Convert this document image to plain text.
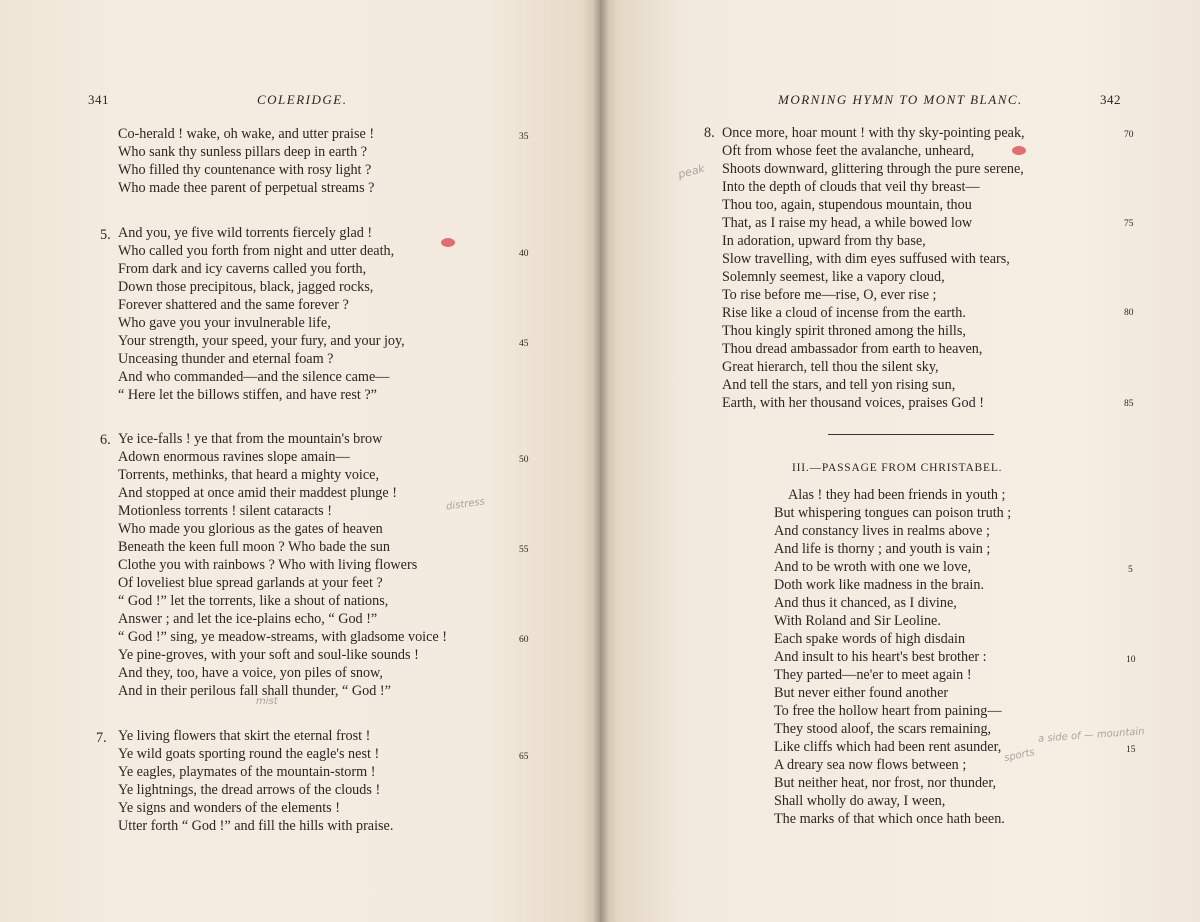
341	COLERIDGE.
Co-herald ! wake, oh wake, and utter praise !
Who sank thy sunless pillars deep in earth ?
Who filled thy countenance with rosy light ?
Who made thee parent of perpetual streams ?
5. And you, ye five wild torrents fiercely glad !
Who called you forth from night and utter death,
From dark and icy caverns called you forth,
Down those precipitous, black, jagged rocks,
Forever shattered and the same forever ?
Who gave you your invulnerable life,
Your strength, your speed, your fury, and your joy,
Unceasing thunder and eternal foam ?
And who commanded—and the silence came—
“ Here let the billows stiffen, and have rest ?”
6. Ye ice-falls ! ye that from the mountain's brow
Adown enormous ravines slope amain—
Torrents, methinks, that heard a mighty voice,
And stopped at once amid their maddest plunge !
Motionless torrents ! silent cataracts !
Who made you glorious as the gates of heaven
Beneath the keen full moon ? Who bade the sun
Clothe you with rainbows ? Who with living flowers
Of loveliest blue spread garlands at your feet ?
“ God !” let the torrents, like a shout of nations,
Answer ; and let the ice-plains echo, “ God !”
“ God !” sing, ye meadow-streams, with gladsome voice !
Ye pine-groves, with your soft and soul-like sounds !
And they, too, have a voice, yon piles of snow,
And in their perilous fall shall thunder, “ God !”
7. Ye living flowers that skirt the eternal frost !
Ye wild goats sporting round the eagle's nest !
Ye eagles, playmates of the mountain-storm !
Ye lightnings, the dread arrows of the clouds !
Ye signs and wonders of the elements !
Utter forth “ God !” and fill the hills with praise.
35
40
45
50
55
60
65
distress
mist
MORNING HYMN TO MONT BLANC.	342
8. Once more, hoar mount ! with thy sky-pointing peak,
Oft from whose feet the avalanche, unheard,
Shoots downward, glittering through the pure serene,
Into the depth of clouds that veil thy breast—
Thou too, again, stupendous mountain, thou
That, as I raise my head, a while bowed low
In adoration, upward from thy base,
Slow travelling, with dim eyes suffused with tears,
Solemnly seemest, like a vapory cloud,
To rise before me—rise, O, ever rise ;
Rise like a cloud of incense from the earth.
Thou kingly spirit throned among the hills,
Thou dread ambassador from earth to heaven,
Great hierarch, tell thou the silent sky,
And tell the stars, and tell yon rising sun,
Earth, with her thousand voices, praises God !
70
75
80
85
peak
III.—PASSAGE FROM CHRISTABEL.
Alas ! they had been friends in youth ;
But whispering tongues can poison truth ;
And constancy lives in realms above ;
And life is thorny ; and youth is vain ;
And to be wroth with one we love,
Doth work like madness in the brain.
And thus it chanced, as I divine,
With Roland and Sir Leoline.
Each spake words of high disdain
And insult to his heart's best brother :
They parted—ne'er to meet again !
But never either found another
To free the hollow heart from paining—
They stood aloof, the scars remaining,
Like cliffs which had been rent asunder,
A dreary sea now flows between ;
But neither heat, nor frost, nor thunder,
Shall wholly do away, I ween,
The marks of that which once hath been.
5
10
15
a side of — mountain
sports
